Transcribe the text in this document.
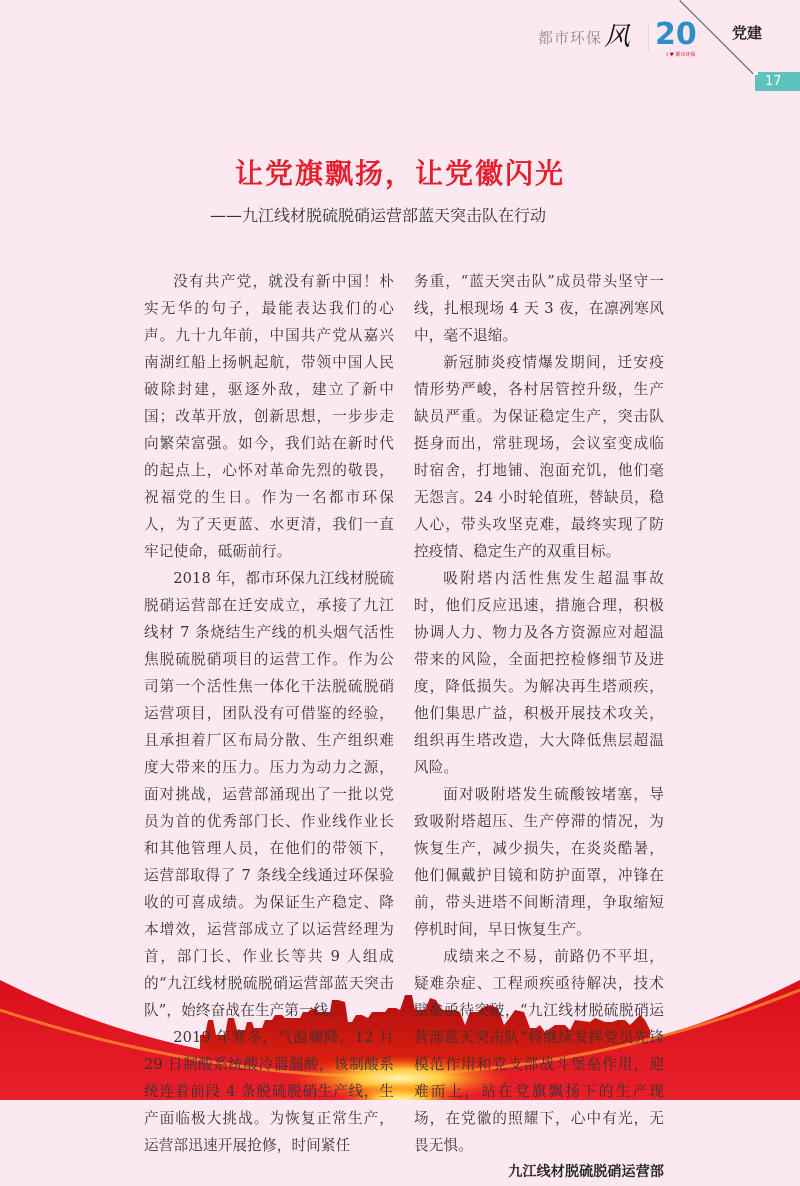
都市环保 风 20
I ♥ 都市环保
党建
17
让党旗飘扬，让党徽闪光
——九江线材脱硫脱硝运营部蓝天突击队在行动

没有共产党，就没有新中国！朴实无华的句子，最能表达我们的心声。九十九年前，中国共产党从嘉兴南湖红船上扬帆起航，带领中国人民破除封建，驱逐外敌，建立了新中国；改革开放，创新思想，一步步走向繁荣富强。如今，我们站在新时代的起点上，心怀对革命先烈的敬畏，祝福党的生日。作为一名都市环保人，为了天更蓝、水更清，我们一直牢记使命，砥砺前行。

2018 年，都市环保九江线材脱硫脱硝运营部在迁安成立，承接了九江线材 7 条烧结生产线的机头烟气活性焦脱硫脱硝项目的运营工作。作为公司第一个活性焦一体化干法脱硫脱硝运营项目，团队没有可借鉴的经验，且承担着厂区布局分散、生产组织难度大带来的压力。压力为动力之源，面对挑战，运营部涌现出了一批以党员为首的优秀部门长、作业线作业长和其他管理人员，在他们的带领下，运营部取得了 7 条线全线通过环保验收的可喜成绩。为保证生产稳定、降本增效，运营部成立了以运营经理为首，部门长、作业长等共 9 人组成的“九江线材脱硫脱硝运营部蓝天突击队”，始终奋战在生产第一线。

2019 年寒冬，气温骤降，12 月 29 日制酸系统酸冷器漏酸，该制酸系统连着前段 4 条脱硫脱硝生产线，生产面临极大挑战。为恢复正常生产，运营部迅速开展抢修，时间紧任

务重，“蓝天突击队”成员带头坚守一线，扎根现场 4 天 3 夜，在凛冽寒风中，毫不退缩。

新冠肺炎疫情爆发期间，迁安疫情形势严峻，各村居管控升级，生产缺员严重。为保证稳定生产，突击队挺身而出，常驻现场，会议室变成临时宿舍，打地铺、泡面充饥，他们毫无怨言。24 小时轮值班，替缺员，稳人心，带头攻坚克难，最终实现了防控疫情、稳定生产的双重目标。

吸附塔内活性焦发生超温事故时，他们反应迅速，措施合理，积极协调人力、物力及各方资源应对超温带来的风险，全面把控检修细节及进度，降低损失。为解决再生塔顽疾，他们集思广益，积极开展技术攻关，组织再生塔改造，大大降低焦层超温风险。

面对吸附塔发生硫酸铵堵塞，导致吸附塔超压、生产停滞的情况，为恢复生产，减少损失，在炎炎酷暑，他们佩戴护目镜和防护面罩，冲锋在前，带头进塔不间断清理，争取缩短停机时间，早日恢复生产。

成绩来之不易，前路仍不平坦，疑难杂症、工程顽疾亟待解决，技术壁垒亟待突破，“九江线材脱硫脱硝运营部蓝天突击队”将继续发挥党员先锋模范作用和党支部战斗堡垒作用，迎难而上，站在党旗飘扬下的生产现场，在党徽的照耀下，心中有光，无畏无惧。

九江线材脱硫脱硝运营部
